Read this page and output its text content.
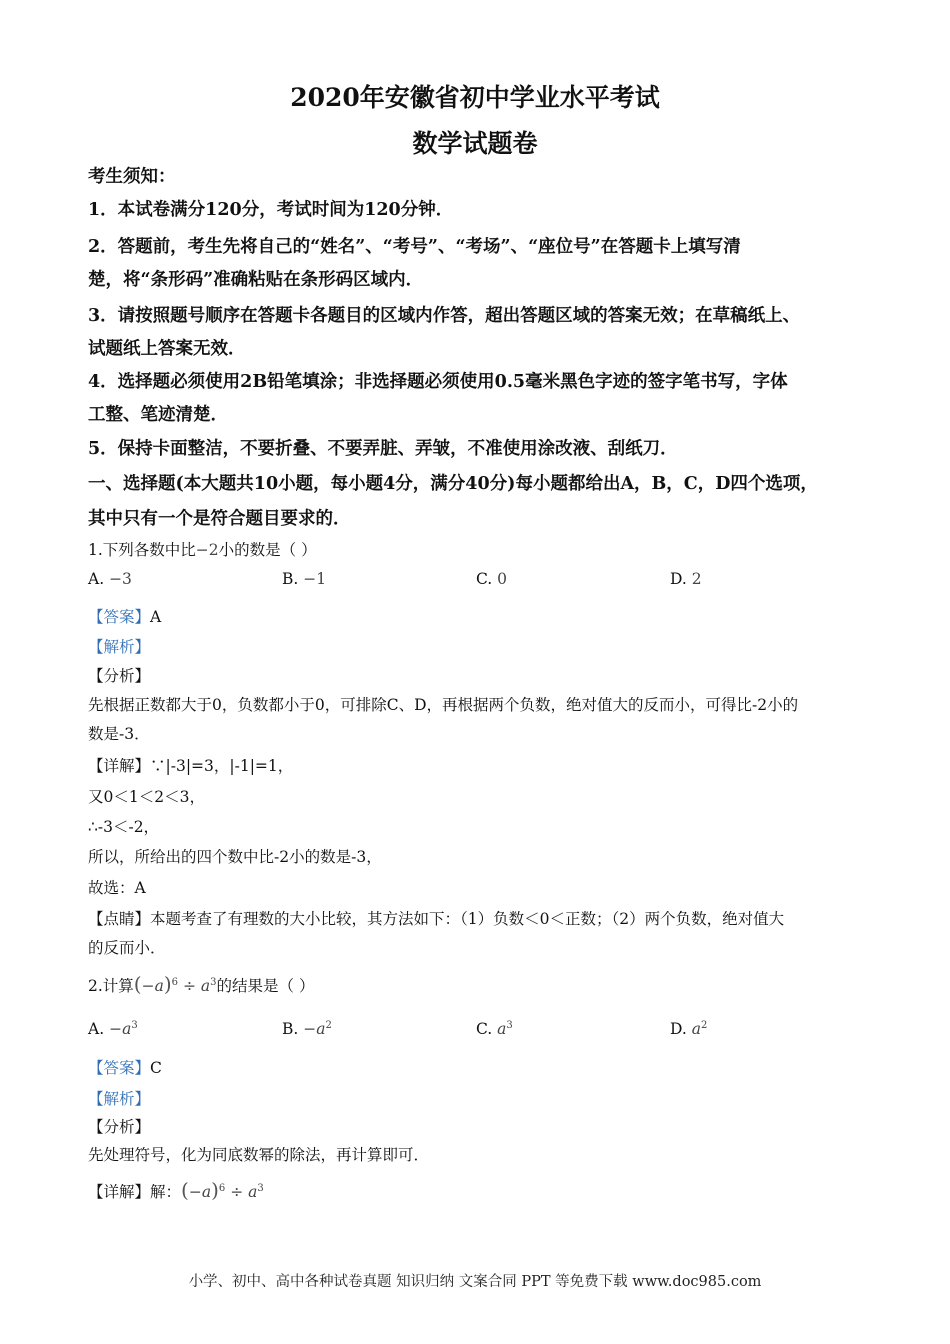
2020年安徽省初中学业水平考试
数学试题卷
考生须知：
1．本试卷满分120分，考试时间为120分钟．
2．答题前，考生先将自己的“姓名”、“考号”、“考场”、“座位号”在答题卡上填写清
楚，将“条形码”准确粘贴在条形码区域内．
3．请按照题号顺序在答题卡各题目的区域内作答，超出答题区域的答案无效；在草稿纸上、
试题纸上答案无效．
4．选择题必须使用2B铅笔填涂；非选择题必须使用0.5毫米黑色字迹的签字笔书写，字体
工整、笔迹清楚．
5．保持卡面整洁，不要折叠、不要弄脏、弄皱，不准使用涂改液、刮纸刀．
一、选择题(本大题共10小题，每小题4分，满分40分)每小题都给出A，B，C，D四个选项，
其中只有一个是符合题目要求的．
1.下列各数中比−2小的数是（ ）
A. −3	B. −1	C. 0	D. 2
【答案】A
【解析】
【分析】
先根据正数都大于0，负数都小于0，可排除C、D，再根据两个负数，绝对值大的反而小，可得比-2小的
数是-3．
【详解】∵|-3|=3，|-1|=1，
又0＜1＜2＜3，
∴-3＜-2，
所以，所给出的四个数中比-2小的数是-3，
故选：A
【点睛】本题考查了有理数的大小比较，其方法如下：（1）负数＜0＜正数；（2）两个负数，绝对值大
的反而小．
2.计算$(-a)^6 \div a^3$的结果是（ ）
A. $-a^3$	B. $-a^2$	C. $a^3$	D. $a^2$
【答案】C
【解析】
【分析】
先处理符号，化为同底数幂的除法，再计算即可．
【详解】解：$(-a)^6 \div a^3$
小学、初中、高中各种试卷真题 知识归纳 文案合同 PPT 等免费下载 www.doc985.com
